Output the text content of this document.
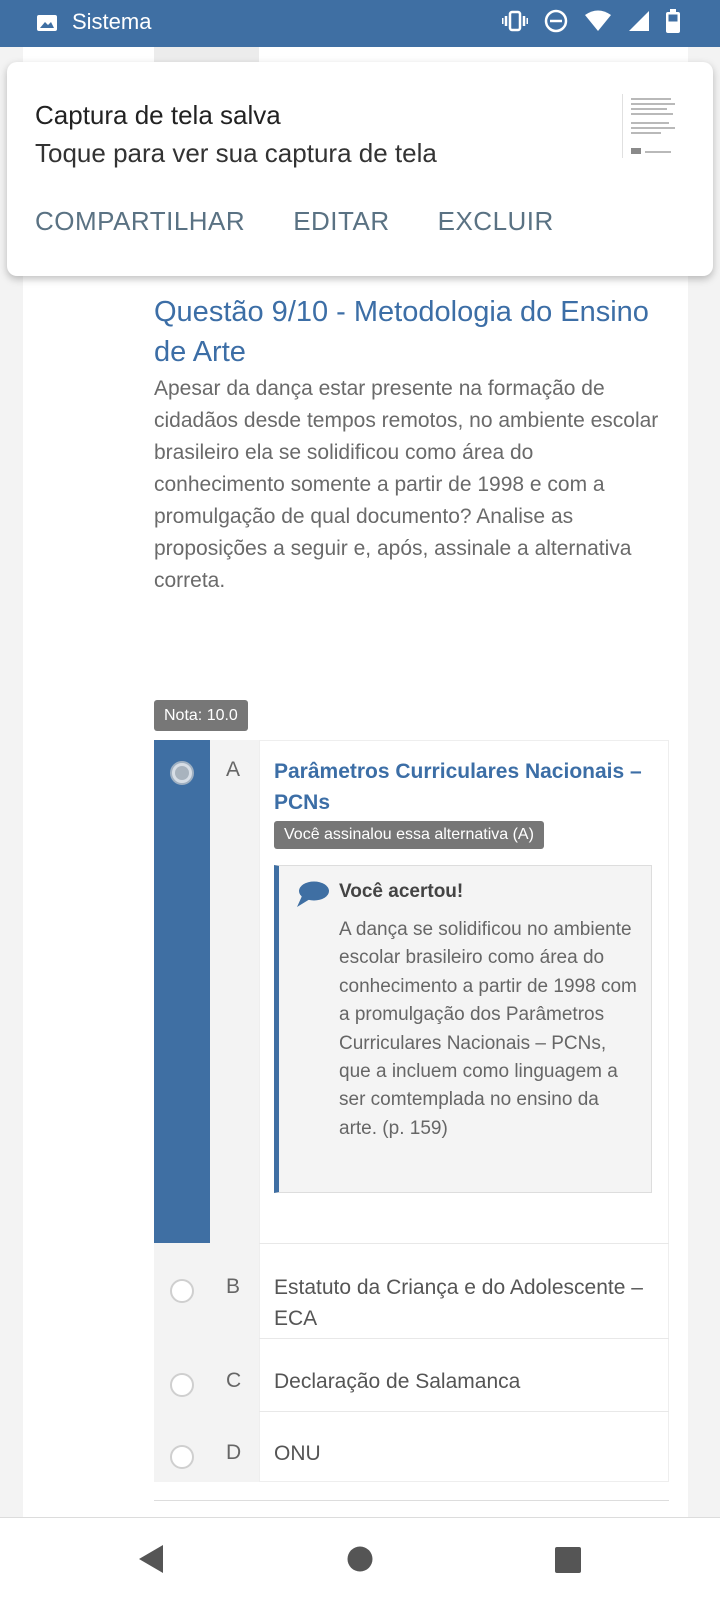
Sistema
Questão 9/10 - Metodologia do Ensino de Arte
Apesar da dança estar presente na formação de cidadãos desde tempos remotos, no ambiente escolar brasileiro ela se solidificou como área do conhecimento somente a partir de 1998 e com a promulgação de qual documento? Analise as proposições a seguir e, após, assinale a alternativa correta.
Nota: 10.0
A Parâmetros Curriculares Nacionais – PCNs
Você assinalou essa alternativa (A)
Você acertou!
A dança se solidificou no ambiente escolar brasileiro como área do conhecimento a partir de 1998 com a promulgação dos Parâmetros Curriculares Nacionais – PCNs, que a incluem como linguagem a ser comtemplada no ensino da arte. (p. 159)
B Estatuto da Criança e do Adolescente – ECA
C Declaração de Salamanca
D ONU
Captura de tela salva
Toque para ver sua captura de tela
COMPARTILHAR EDITAR EXCLUIR
